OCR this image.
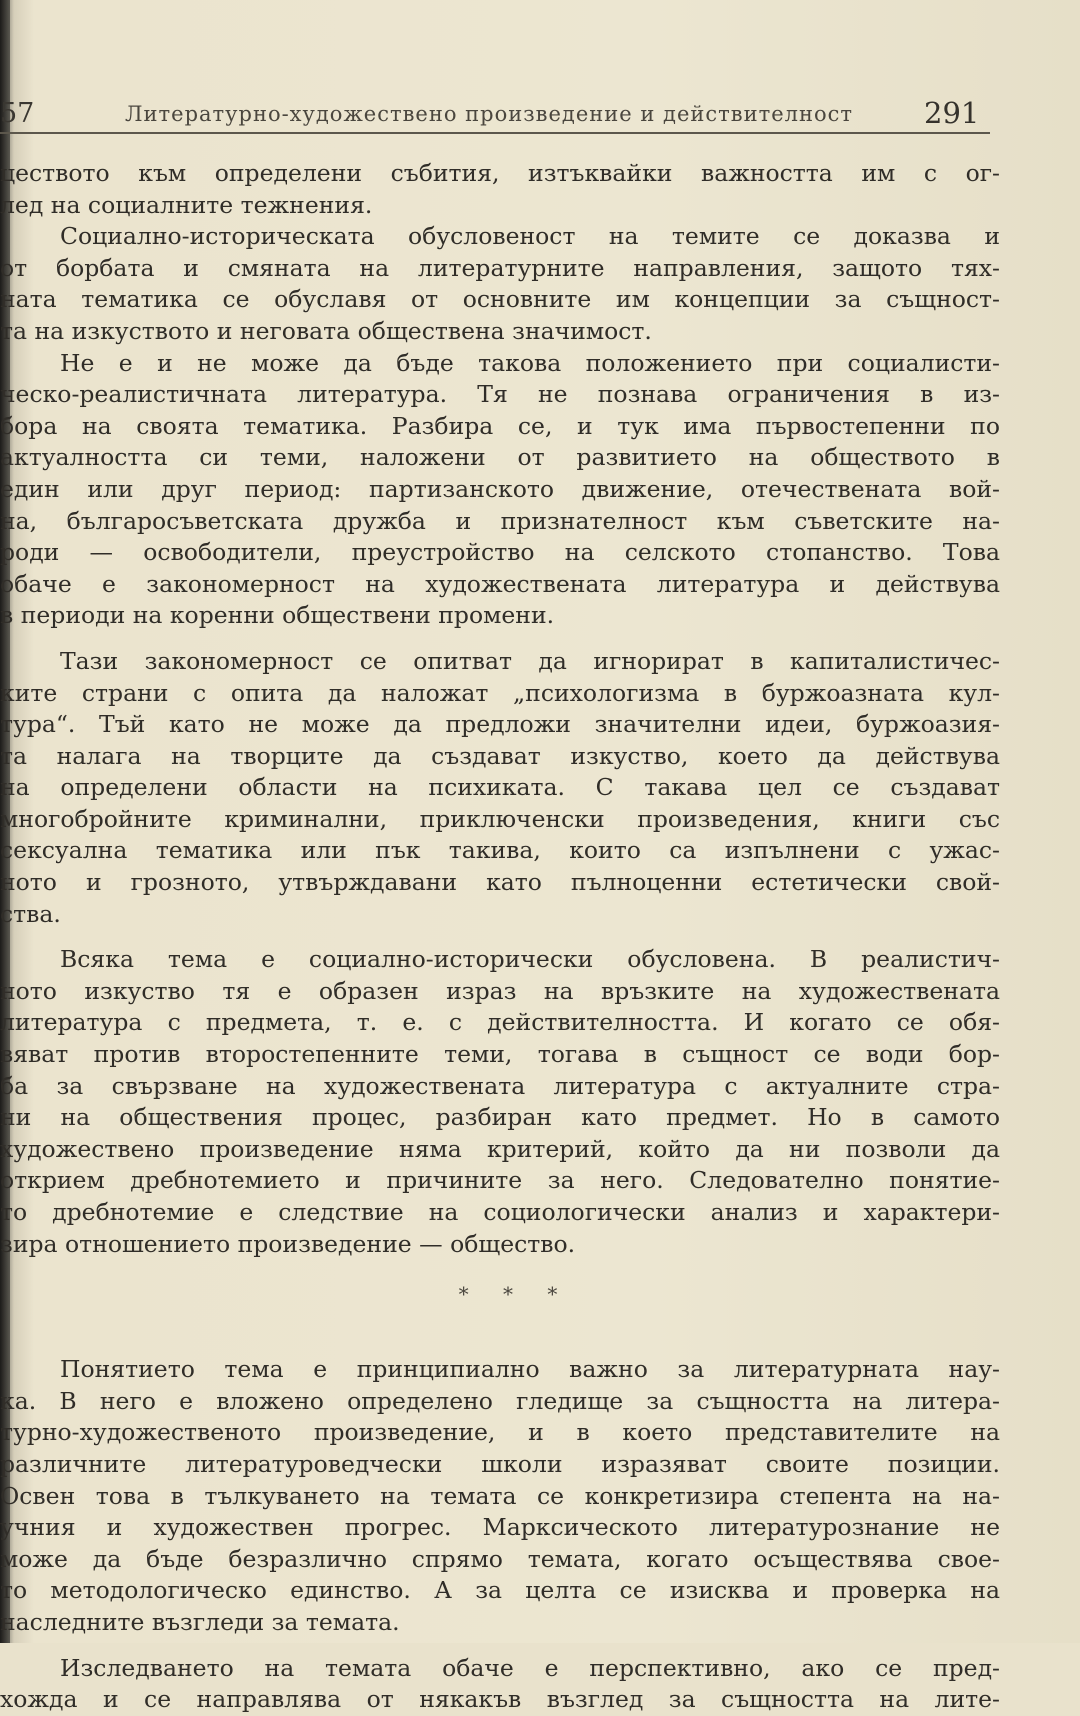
57	Литературно-художествено произведение и действителност 291
цеството към определени събития, изтъквайки важността им с ог-
лед на социалните тежнения.
Социално-историческата обусловеност на темите се доказва и
от борбата и смяната на литературните направления, защото тях-
ната тематика се обуславя от основните им концепции за същност-
та на изкуството и неговата обществена значимост.
Не е и не може да бъде такова положението при социалисти-
ческо-реалистичната литература. Тя не познава ограничения в из-
бора на своята тематика. Разбира се, и тук има първостепенни по
актуалността си теми, наложени от развитието на обществото в
един или друг период: партизанското движение, отечествената вой-
на, българосъветската дружба и признателност към съветските на-
роди — освободители, преустройство на селското стопанство. Това
обаче е закономерност на художествената литература и действува
в периоди на коренни обществени промени.
Тази закономерност се опитват да игнорират в капиталистичес-
ките страни с опита да наложат „психологизма в буржоазната кул-
тура“. Тъй като не може да предложи значителни идеи, буржоазия-
та налага на творците да създават изкуство, което да действува
на определени области на психиката. С такава цел се създават
многобройните криминални, приключенски произведения, книги със
сексуална тематика или пък такива, които са изпълнени с ужас-
ното и грозното, утвърждавани като пълноценни естетически свой-
ства.
Всяка тема е социално-исторически обусловена. В реалистич-
ното изкуство тя е образен израз на връзките на художествената
литература с предмета, т. е. с действителността. И когато се обя-
вяват против второстепенните теми, тогава в същност се води бор-
ба за свързване на художествената литература с актуалните стра-
ни на обществения процес, разбиран като предмет. Но в самото
художествено произведение няма критерий, който да ни позволи да
открием дребнотемието и причините за него. Следователно понятие-
то дребнотемие е следствие на социологически анализ и характери-
зира отношението произведение — общество.
* * *
Понятието тема е принципиално важно за литературната нау-
ка. В него е вложено определено гледище за същността на литера-
турно-художественото произведение, и в което представителите на
различните литературоведчески школи изразяват своите позиции.
Освен това в тълкуването на темата се конкретизира степента на на-
учния и художествен прогрес. Марксическото литературознание не
може да бъде безразлично спрямо темата, когато осъществява свое-
то методологическо единство. А за целта се изисква и проверка на
наследните възгледи за темата.
Изследването на темата обаче е перспективно, ако се пред-
хожда и се направлява от някакъв възглед за същността на лите-
